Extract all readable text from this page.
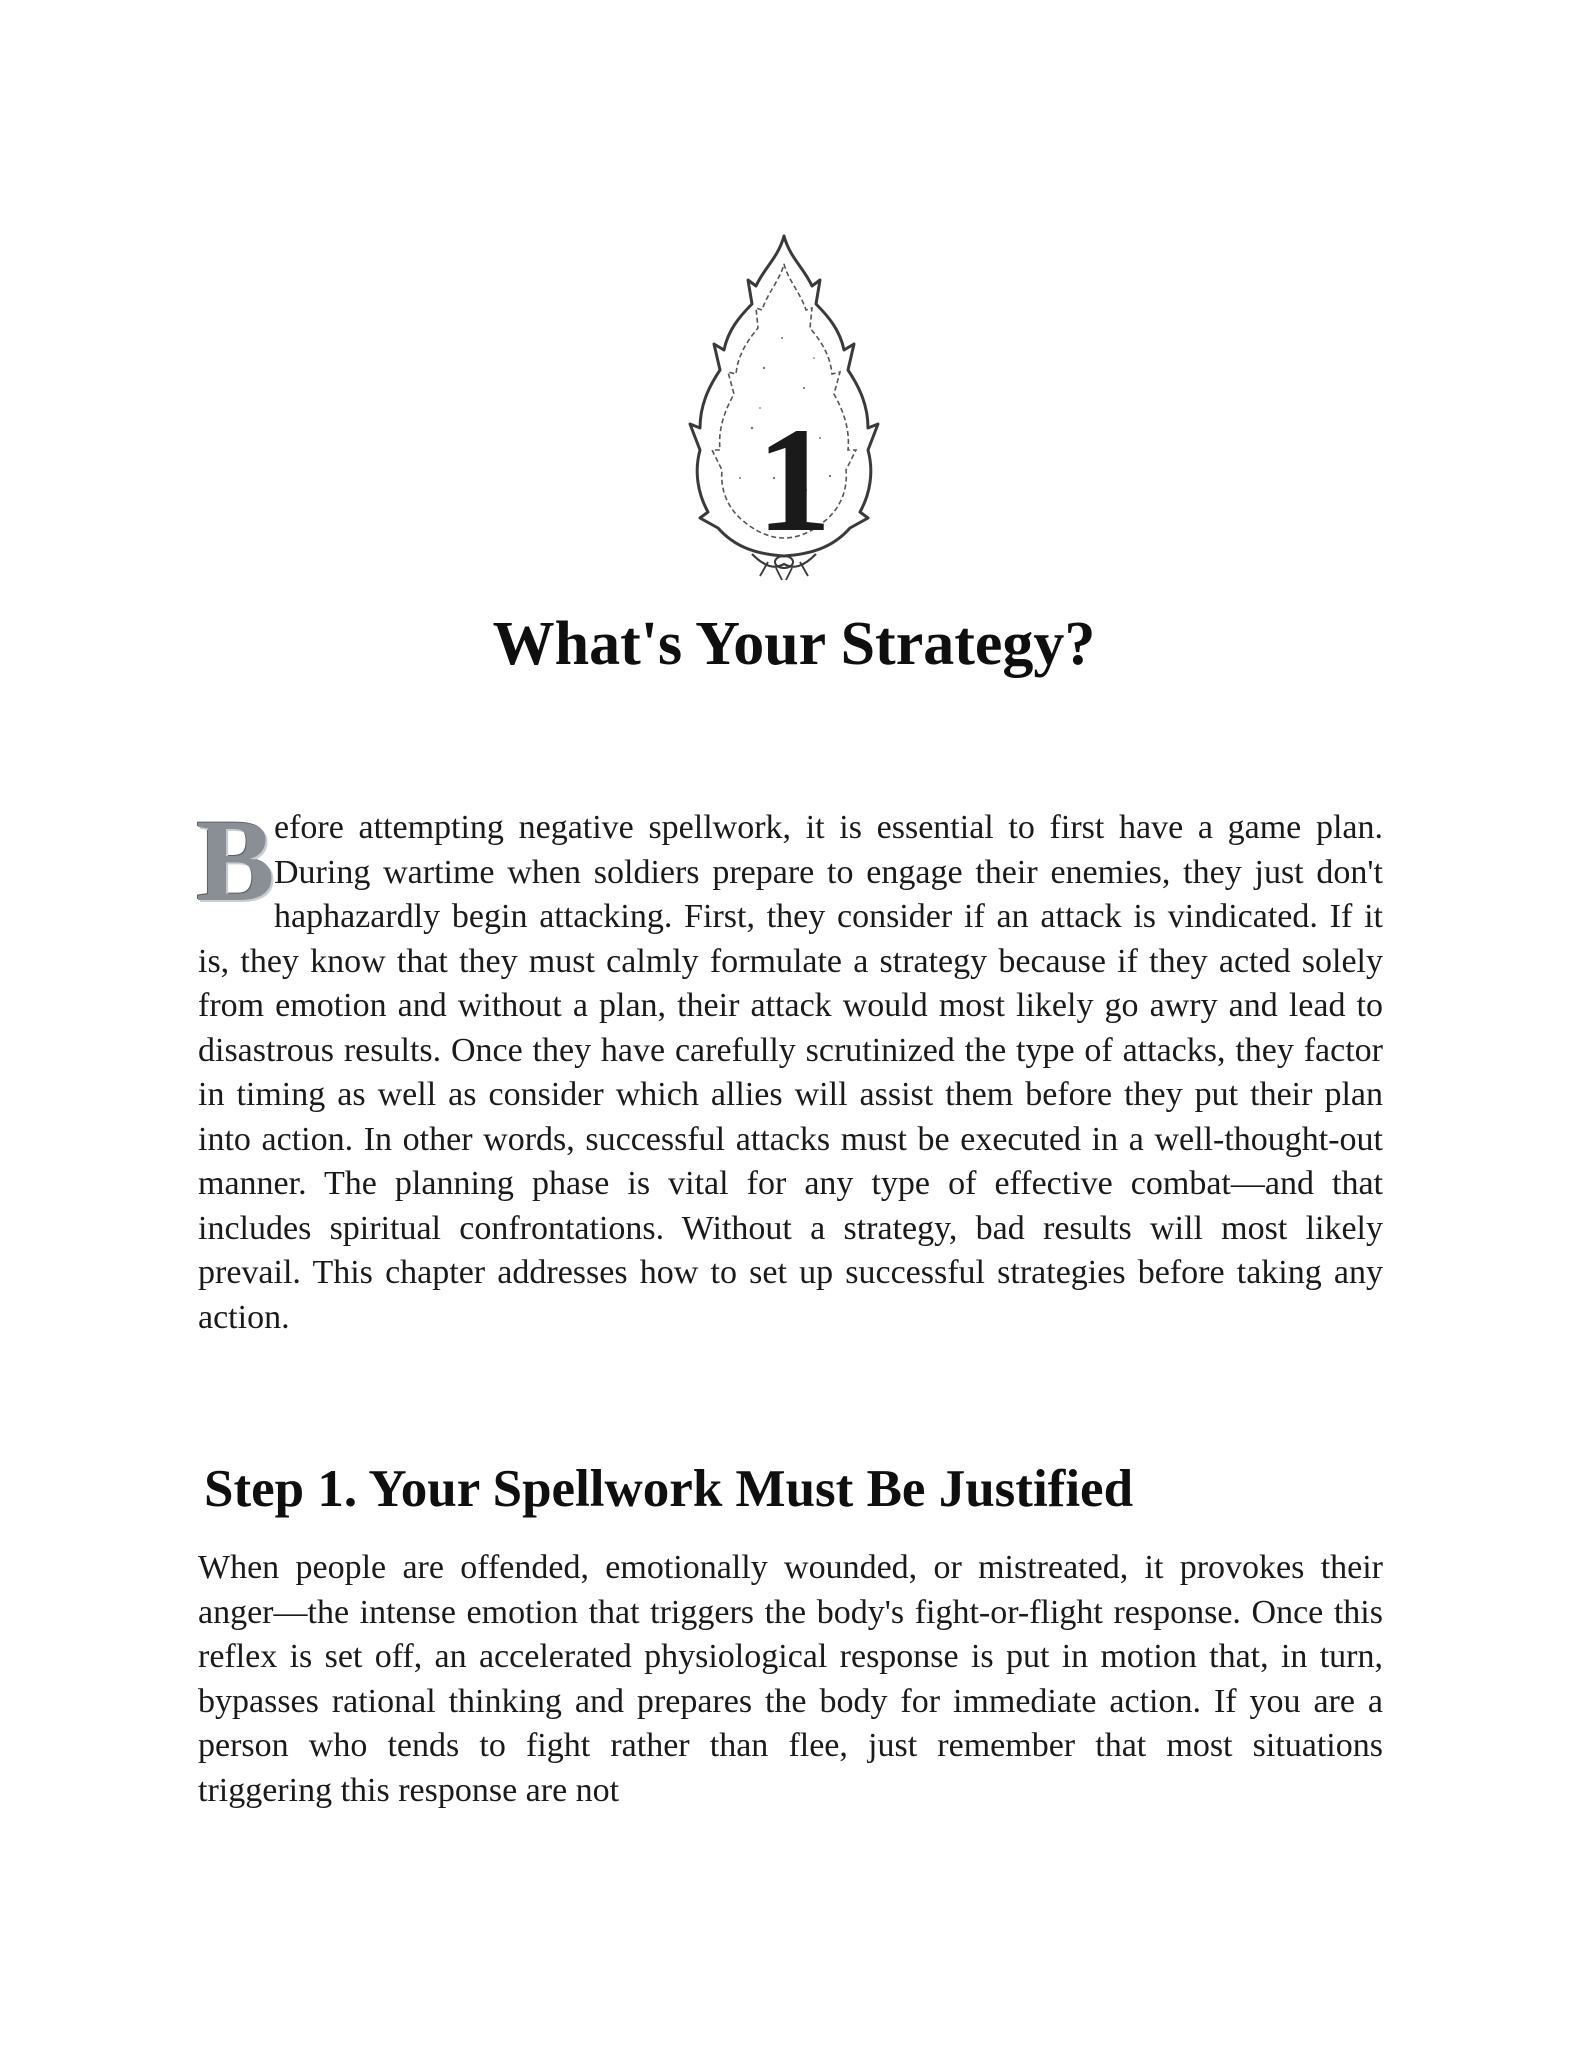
1
What's Your Strategy?
B efore attempting negative spellwork, it is essential to first have a game plan. During wartime when soldiers prepare to engage their enemies, they just don't haphazardly begin attacking. First, they consider if an attack is vindicated. If it is, they know that they must calmly formulate a strategy because if they acted solely from emotion and without a plan, their attack would most likely go awry and lead to disastrous results. Once they have carefully scrutinized the type of attacks, they factor in timing as well as consider which allies will assist them before they put their plan into action. In other words, successful attacks must be executed in a well-thought-out manner. The planning phase is vital for any type of effective combat—and that includes spiritual confrontations. Without a strategy, bad results will most likely prevail. This chapter addresses how to set up successful strategies before taking any action.

Step 1. Your Spellwork Must Be Justified

When people are offended, emotionally wounded, or mistreated, it provokes their anger—the intense emotion that triggers the body's fight-or-flight response. Once this reflex is set off, an accelerated physiological response is put in motion that, in turn, bypasses rational thinking and prepares the body for immediate action. If you are a person who tends to fight rather than flee, just remember that most situations triggering this response are not
